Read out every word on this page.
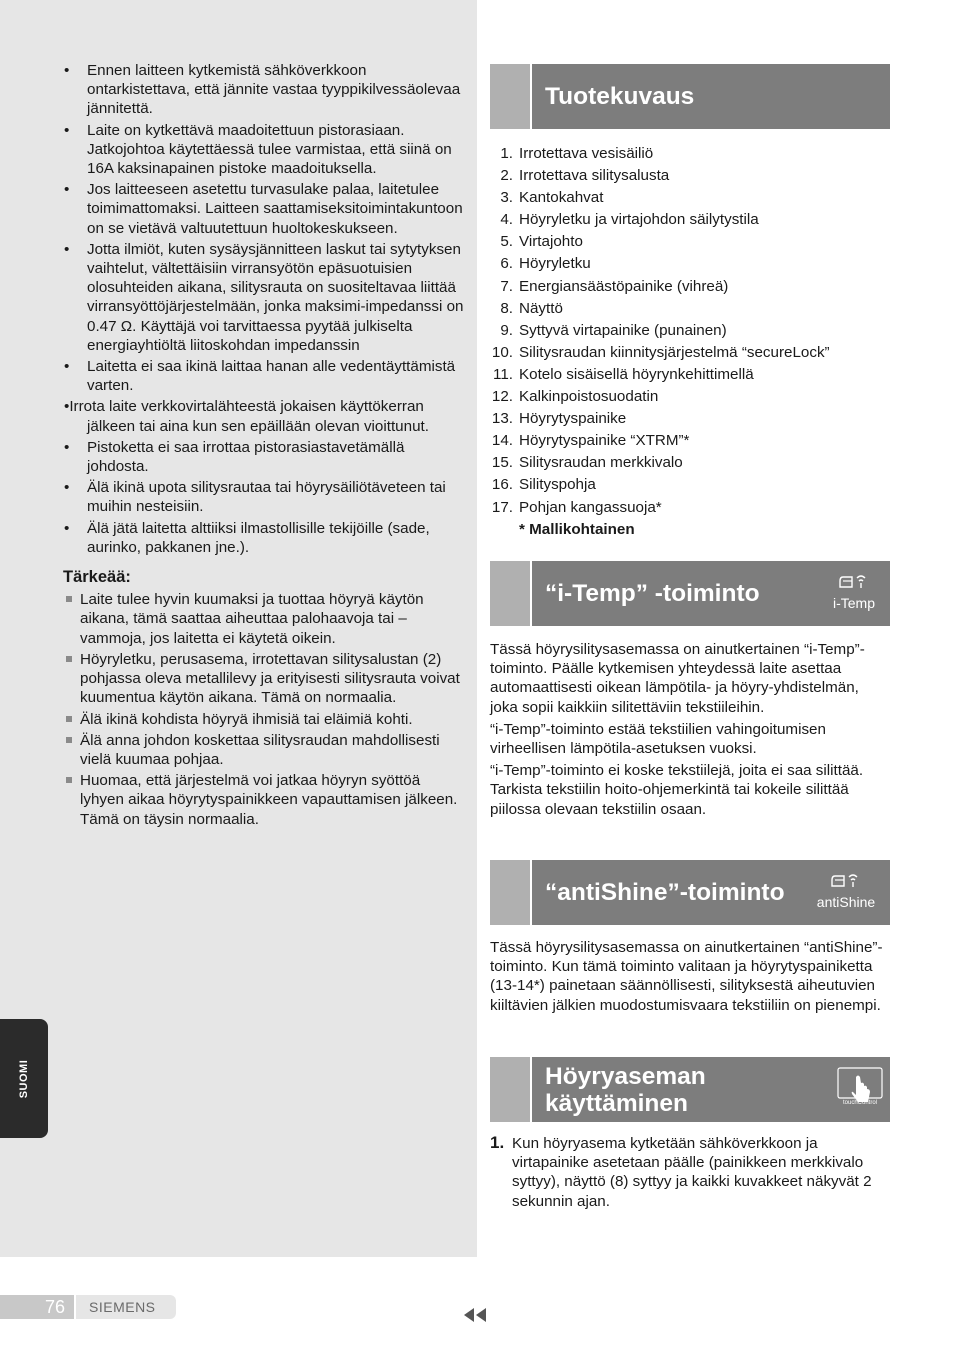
SUOMI
• Ennen laitteen kytkemistä sähköverkkoon ontarkistettava, että jännite vastaa tyyppikilvessäolevaa jännitettä.
• Laite on kytkettävä maadoitettuun pistorasiaan. Jatkojohtoa käytettäessä tulee varmistaa, että siinä on 16A kaksinapainen pistoke maadoituksella.
• Jos laitteeseen asetettu turvasulake palaa, laitetulee toimimattomaksi. Laitteen saattamiseksitoimintakuntoon on se vietävä valtuutettuun huoltokeskukseen.
• Jotta ilmiöt, kuten sysäysjännitteen laskut tai sytytyksen vaihtelut, vältettäisiin virransyötön epäsuotuisien olosuhteiden aikana, silitysrauta on suositeltavaa liittää virransyöttöjärjestelmään, jonka maksimi-impedanssi on 0.47 Ω. Käyttäjä voi tarvittaessa pyytää julkiselta energiayhtiöltä liitoskohdan impedanssin
• Laitetta ei saa ikinä laittaa hanan alle vedentäyttämistä varten.
•Irrota laite verkkovirtalähteestä jokaisen käyttökerran jälkeen tai aina kun sen epäillään olevan vioittunut.
• Pistoketta ei saa irrottaa pistorasiastavetämällä johdosta.
• Älä ikinä upota silitysrautaa tai höyrysäiliötäveteen tai muihin nesteisiin.
• Älä jätä laitetta alttiiksi ilmastollisille tekijöille (sade, aurinko, pakkanen jne.).
Tärkeää:
Laite tulee hyvin kuumaksi ja tuottaa höyryä käytön aikana, tämä saattaa aiheuttaa palohaavoja tai –vammoja, jos laitetta ei käytetä oikein.
Höyryletku, perusasema, irrotettavan silitysalustan (2) pohjassa oleva metallilevy ja erityisesti silitysrauta voivat kuumentua käytön aikana. Tämä on normaalia.
Älä ikinä kohdista höyryä ihmisiä tai eläimiä kohti.
Älä anna johdon koskettaa silitysraudan mahdollisesti vielä kuumaa pohjaa.
Huomaa, että järjestelmä voi jatkaa höyryn syöttöä lyhyen aikaa höyrytyspainikkeen vapauttamisen jälkeen. Tämä on täysin normaalia.
Tuotekuvaus
1. Irrotettava vesisäiliö
2. Irrotettava silitysalusta
3. Kantokahvat
4. Höyryletku ja virtajohdon säilytystila
5. Virtajohto
6. Höyryletku
7. Energiansäästöpainike (vihreä)
8. Näyttö
9. Syttyvä virtapainike (punainen)
10. Silitysraudan kiinnitysjärjestelmä “secureLock”
11. Kotelo sisäisellä höyrynkehittimellä
12. Kalkinpoistosuodatin
13. Höyrytyspainike
14. Höyrytyspainike “XTRM”*
15. Silitysraudan merkkivalo
16. Silityspohja
17. Pohjan kangassuoja*
* Mallikohtainen
“i-Temp” -toiminto	i-Temp

Tässä höyrysilitysasemassa on ainutkertainen “i-Temp”-toiminto. Päälle kytkemisen yhteydessä laite asettaa automaattisesti oikean lämpötila- ja höyry-yhdistelmän, joka sopii kaikkiin silitettäviin tekstiileihin.

“i-Temp”-toiminto estää tekstiilien vahingoitumisen virheellisen lämpötila-asetuksen vuoksi.

“i-Temp”-toiminto ei koske tekstiilejä, joita ei saa silittää. Tarkista tekstiilin hoito-ohjemerkintä tai kokeile silittää piilossa olevaan tekstiilin osaan.

“antiShine”-toiminto	antiShine

Tässä höyrysilitysasemassa on ainutkertainen “antiShine”-toiminto. Kun tämä toiminto valitaan ja höyrytyspainiketta (13-14*) painetaan säännöllisesti, silityksestä aiheutuvien kiiltävien jälkien muodostumisvaara tekstiiliin on pienempi.

Höyryaseman
käyttäminen	touchControl
1. Kun höyryasema kytketään sähköverkkoon ja virtapainike asetetaan päälle (painikkeen merkkivalo syttyy), näyttö (8) syttyy ja kaikki kuvakkeet näkyvät 2 sekunnin ajan.
76	SIEMENS
